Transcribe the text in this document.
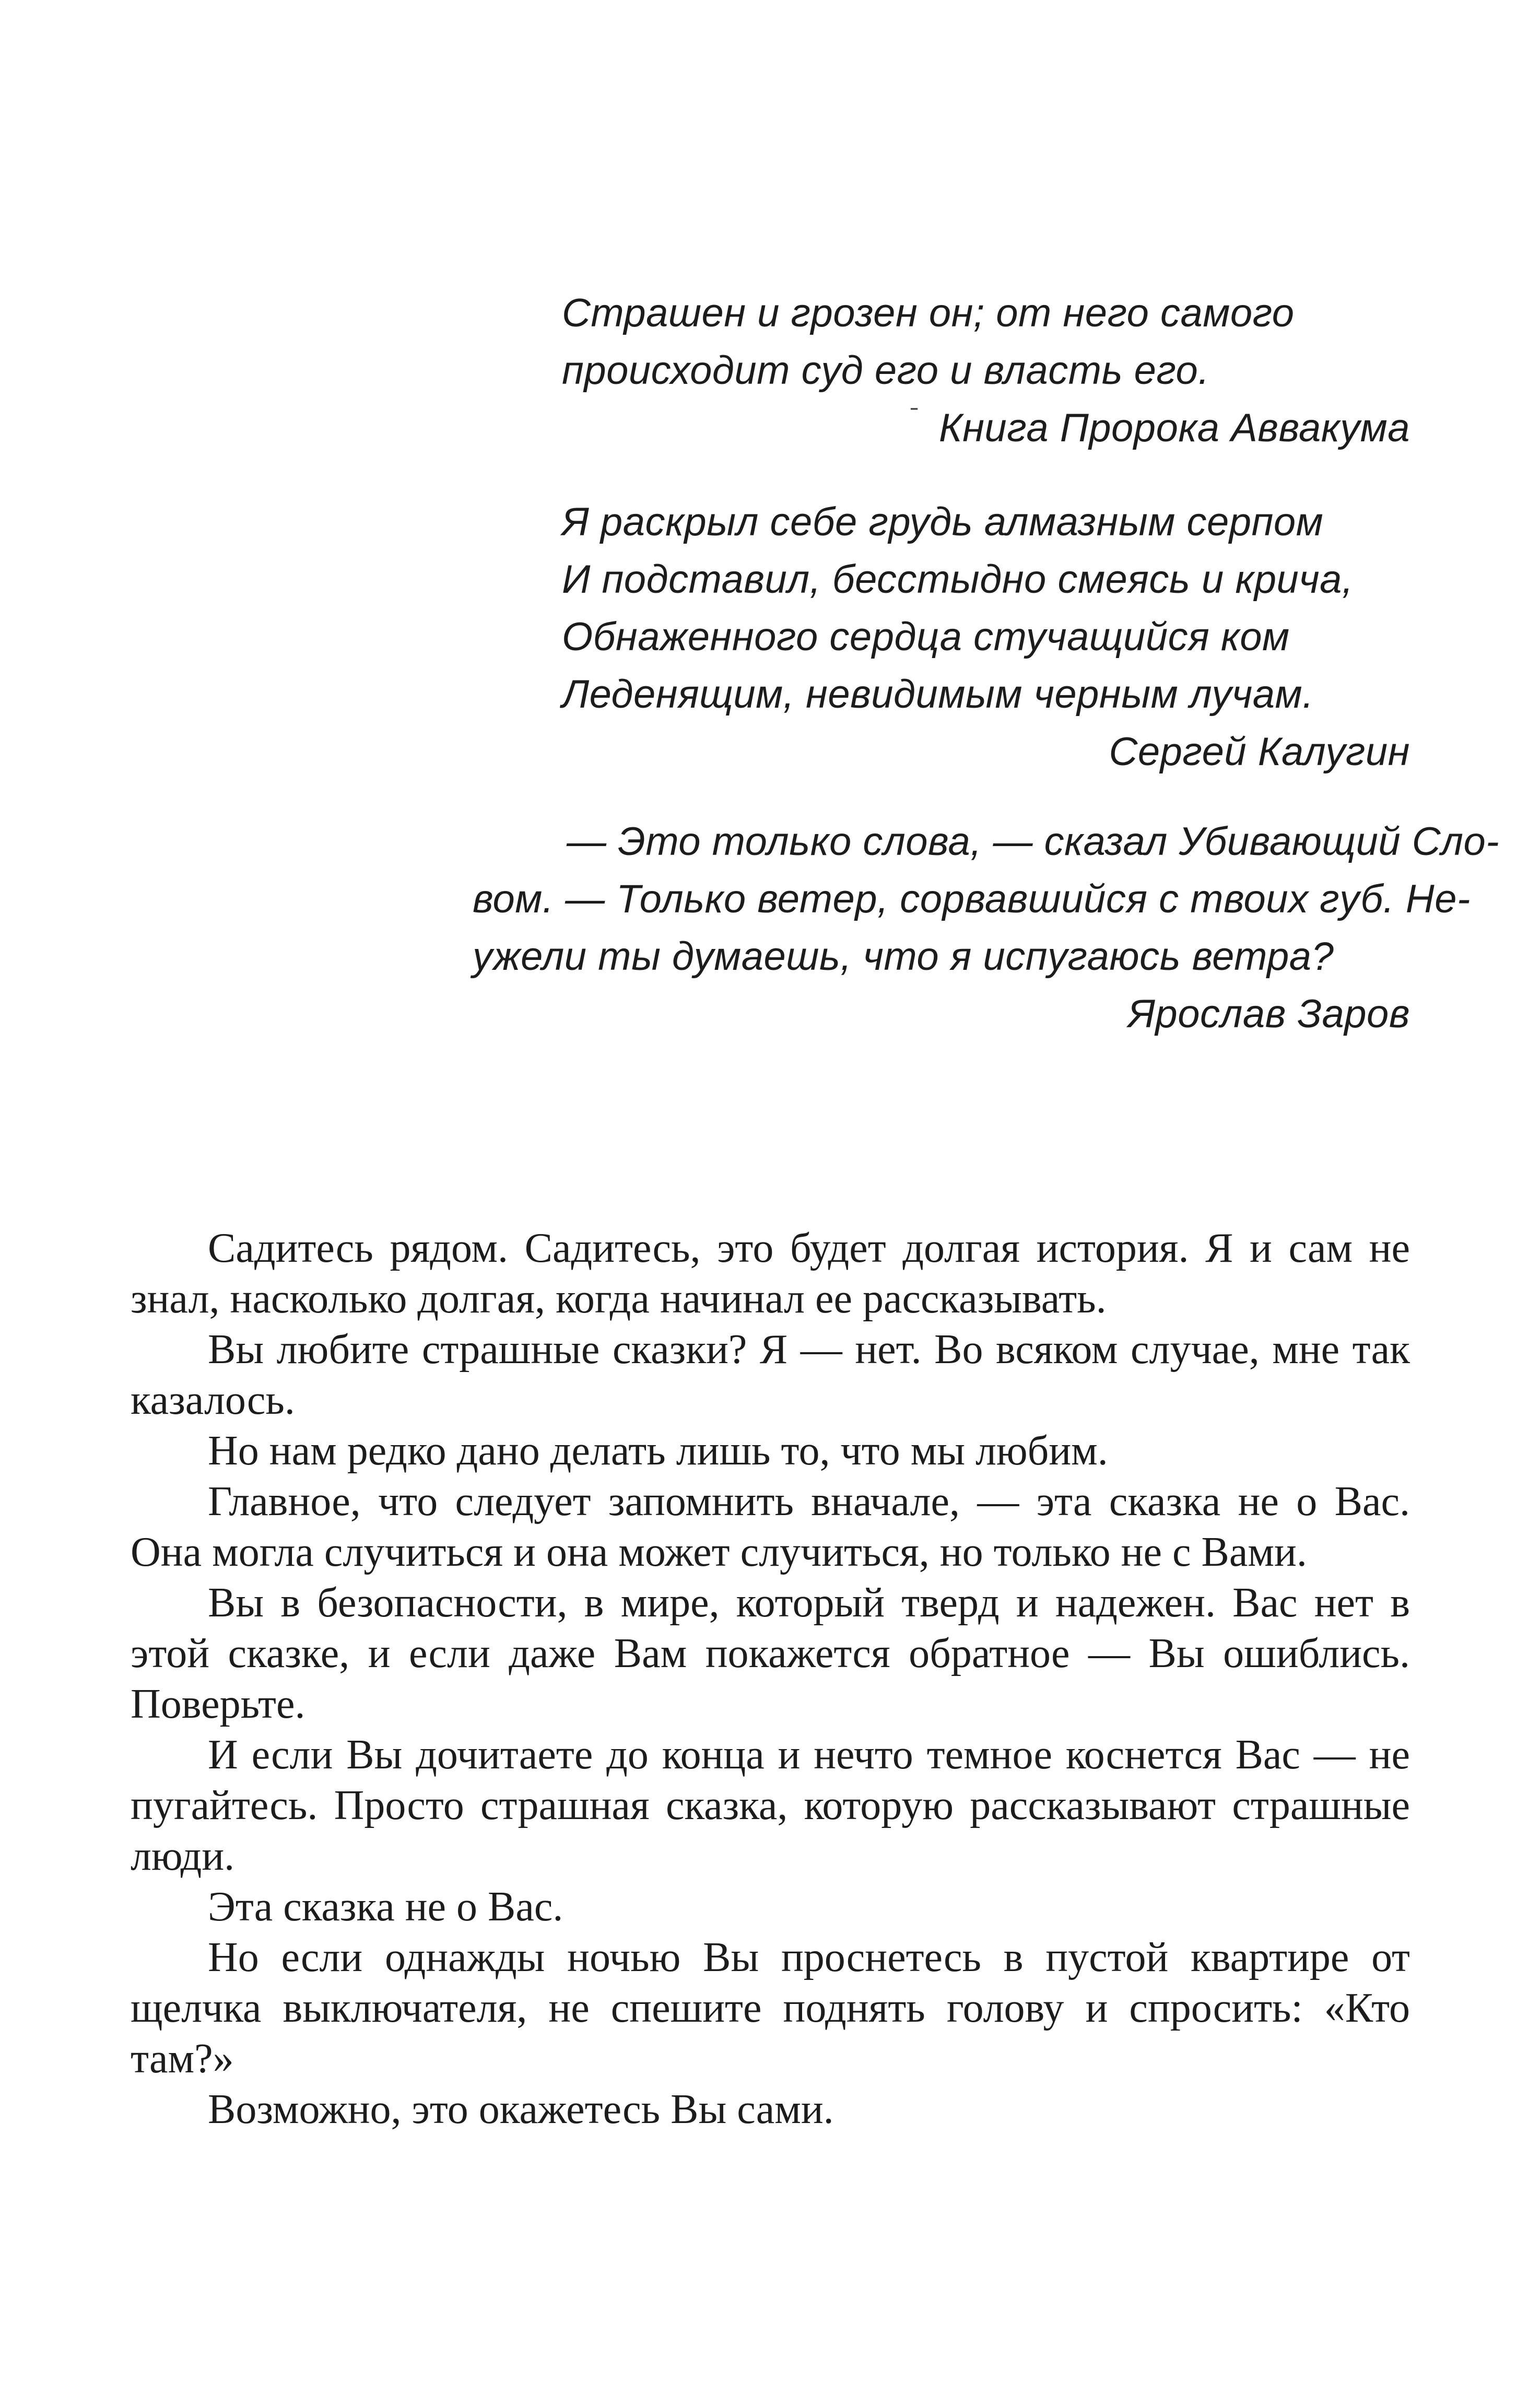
Страшен и грозен он; от него самого
происходит суд его и власть его.
ˉ Книга Пророка Аввакума
Я раскрыл себе грудь алмазным серпом
И подставил, бесстыдно смеясь и крича,
Обнаженного сердца стучащийся ком
Леденящим, невидимым черным лучам.
Сергей Калугин
— Это только слова, — сказал Убивающий Сло-
вом. — Только ветер, сорвавшийся с твоих губ. Не-
ужели ты думаешь, что я испугаюсь ветра?
Ярослав Заров

Садитесь рядом. Садитесь, это будет долгая история. Я и сам не знал, насколько долгая, когда начинал ее рассказывать.

Вы любите страшные сказки? Я — нет. Во всяком случае, мне так казалось.

Но нам редко дано делать лишь то, что мы любим.

Главное, что следует запомнить вначале, — эта сказка не о Вас. Она могла случиться и она может случиться, но только не с Вами.

Вы в безопасности, в мире, который тверд и надежен. Вас нет в этой сказке, и если даже Вам покажется обратное — Вы ошиблись. Поверьте.

И если Вы дочитаете до конца и нечто темное коснется Вас — не пугайтесь. Просто страшная сказка, которую рассказывают страшные люди.

Эта сказка не о Вас.

Но если однажды ночью Вы проснетесь в пустой квартире от щелчка выключателя, не спешите поднять голову и спросить: «Кто там?»

Возможно, это окажетесь Вы сами.
